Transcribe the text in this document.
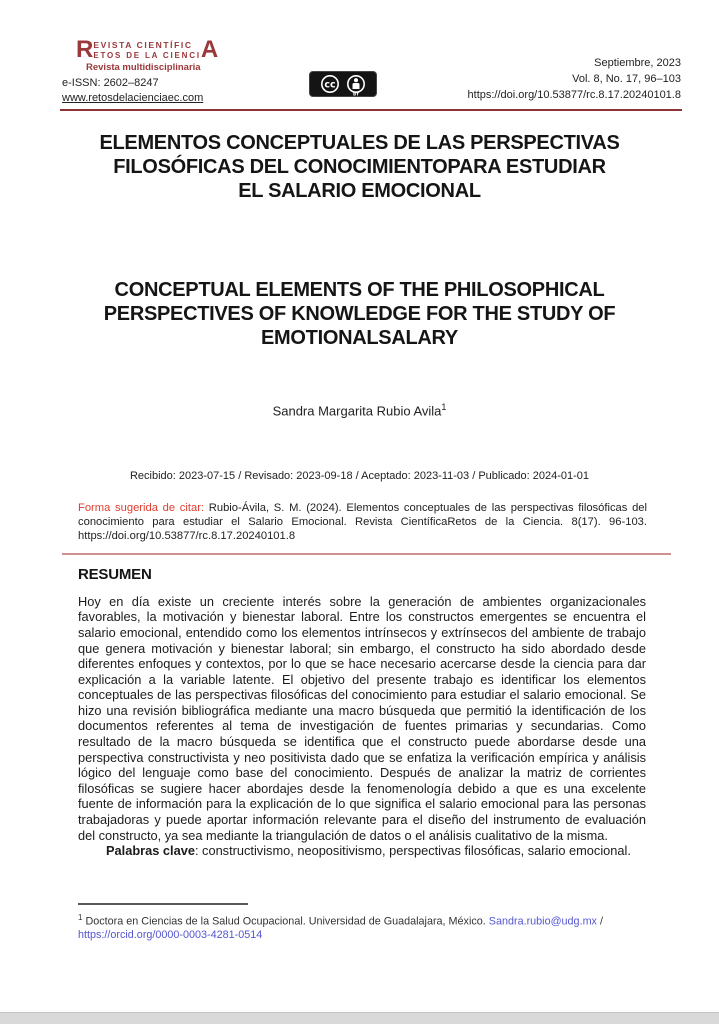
R EVISTA CIENTÍFIC
ETOS DE LA CIENCI A
Revista multidisciplinaria
e-ISSN: 2602–8247
www.retosdelacienciaec.com
cc
BY
Septiembre, 2023
Vol. 8, No. 17, 96–103
https://doi.org/10.53877/rc.8.17.20240101.8
ELEMENTOS CONCEPTUALES DE LAS PERSPECTIVAS
FILOSÓFICAS DEL CONOCIMIENTOPARA ESTUDIAR
EL SALARIO EMOCIONAL
CONCEPTUAL ELEMENTS OF THE PHILOSOPHICAL
PERSPECTIVES OF KNOWLEDGE FOR THE STUDY OF
EMOTIONALSALARY
Sandra Margarita Rubio Avila$^1$
Recibido: 2023-07-15 / Revisado: 2023-09-18 / Aceptado: 2023-11-03 / Publicado: 2024-01-01

Forma sugerida de citar: Rubio-Ávila, S. M. (2024). Elementos conceptuales de las perspectivas filosóficas del conocimiento para estudiar el Salario Emocional. Revista CientíficaRetos de la Ciencia. 8(17). 96-103. https://doi.org/10.53877/rc.8.17.20240101.8

RESUMEN

Hoy en día existe un creciente interés sobre la generación de ambientes organizacionales favorables, la motivación y bienestar laboral. Entre los constructos emergentes se encuentra el salario emocional, entendido como los elementos intrínsecos y extrínsecos del ambiente de trabajo que genera motivación y bienestar laboral; sin embargo, el constructo ha sido abordado desde diferentes enfoques y contextos, por lo que se hace necesario acercarse desde la ciencia para dar explicación a la variable latente. El objetivo del presente trabajo es identificar los elementos conceptuales de las perspectivas filosóficas del conocimiento para estudiar el salario emocional. Se hizo una revisión bibliográfica mediante una macro búsqueda que permitió la identificación de los documentos referentes al tema de investigación de fuentes primarias y secundarias. Como resultado de la macro búsqueda se identifica que el constructo puede abordarse desde una perspectiva constructivista y neo positivista dado que se enfatiza la verificación empírica y análisis lógico del lenguaje como base del conocimiento. Después de analizar la matriz de corrientes filosóficas se sugiere hacer abordajes desde la fenomenología debido a que es una excelente fuente de información para la explicación de lo que significa el salario emocional para las personas trabajadoras y puede aportar información relevante para el diseño del instrumento de evaluación del constructo, ya sea mediante la triangulación de datos o el análisis cualitativo de la misma.

Palabras clave: constructivismo, neopositivismo, perspectivas filosóficas, salario emocional.

$^1$ Doctora en Ciencias de la Salud Ocupacional. Universidad de Guadalajara, México. Sandra.rubio@udg.mx / https://orcid.org/0000-0003-4281-0514
